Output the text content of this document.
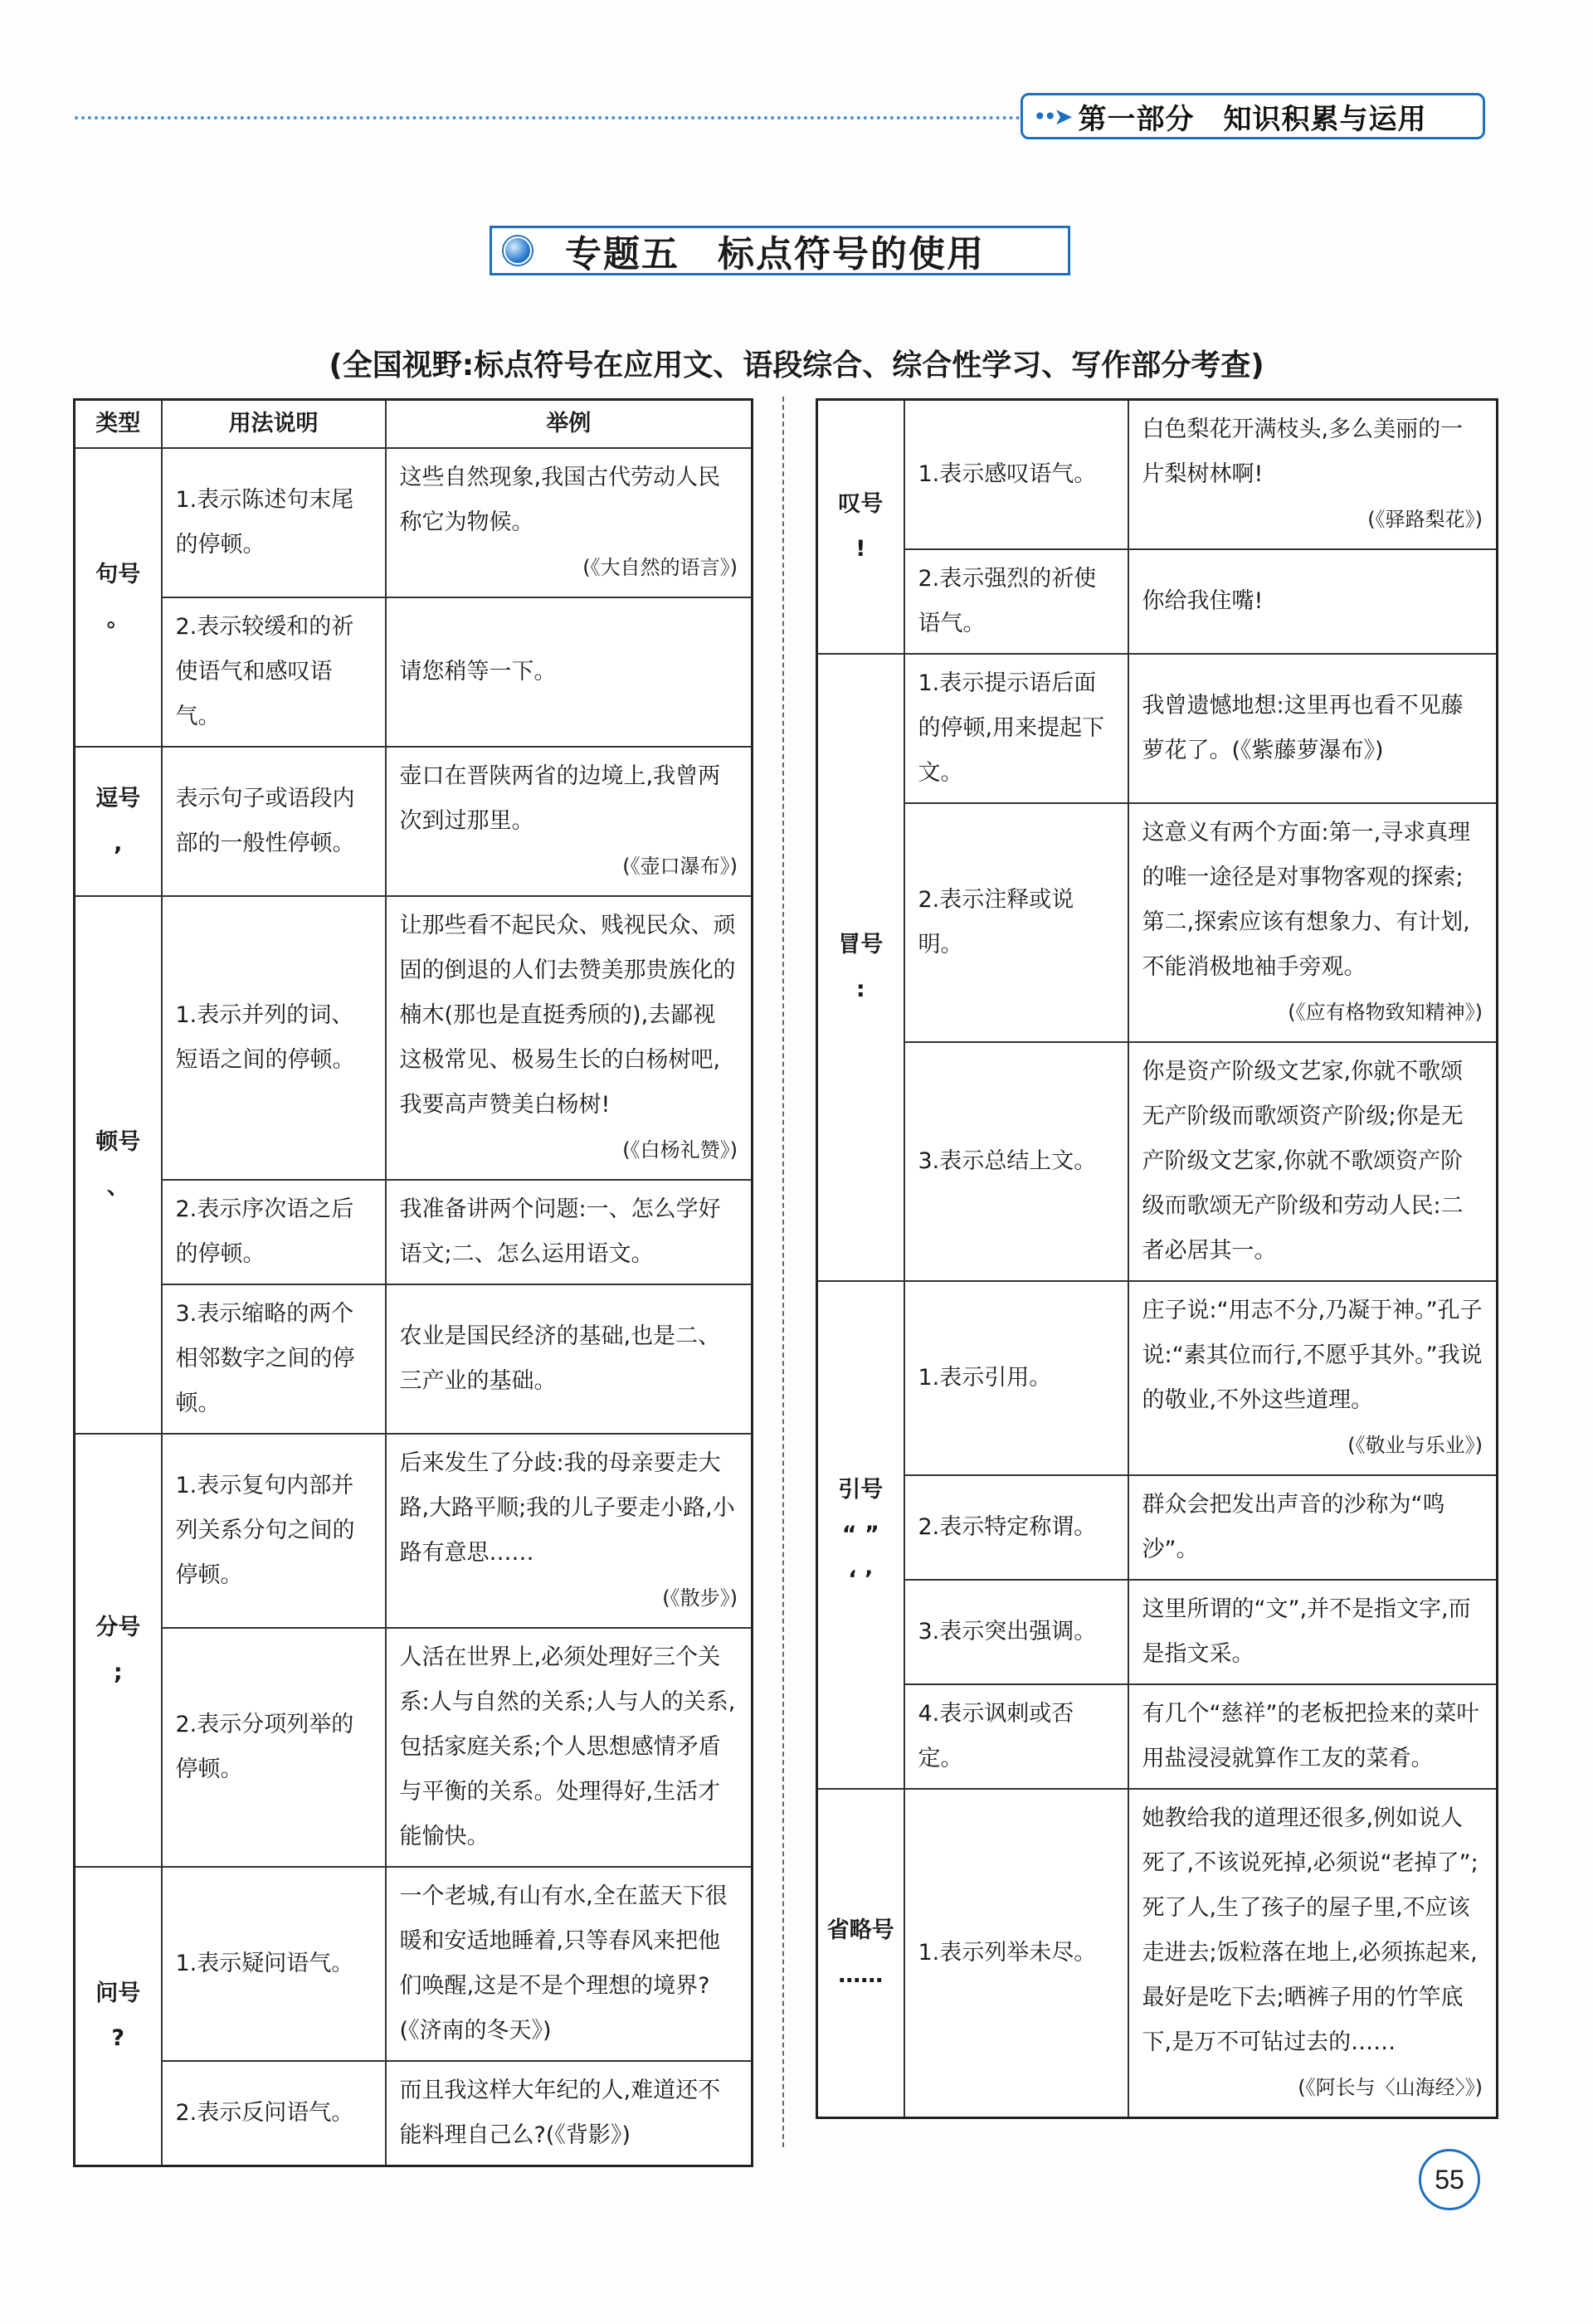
••➤ 第一部分　知识积累与运用
专题五　标点符号的使用
(全国视野:标点符号在应用文、语段综合、综合性学习、写作部分考查)
类型	用法说明	举例
句号
。	1.表示陈述句末尾的停顿。	这些自然现象,我国古代劳动人民称它为物候。
(《大自然的语言》)

	2.表示较缓和的祈使语气和感叹语气。	请您稍等一下。
逗号
,	表示句子或语段内部的一般性停顿。	壶口在晋陕两省的边境上,我曾两次到过那里。
(《壶口瀑布》)

顿号
、	1.表示并列的词、短语之间的停顿。	让那些看不起民众、贱视民众、顽固的倒退的人们去赞美那贵族化的楠木(那也是直挺秀颀的),去鄙视这极常见、极易生长的白杨树吧,我要高声赞美白杨树!
(《白杨礼赞》)

	2.表示序次语之后的停顿。	我准备讲两个问题:一、怎么学好语文;二、怎么运用语文。
	3.表示缩略的两个相邻数字之间的停顿。	农业是国民经济的基础,也是二、三产业的基础。
分号
;	1.表示复句内部并列关系分句之间的停顿。	后来发生了分歧:我的母亲要走大路,大路平顺;我的儿子要走小路,小路有意思……
(《散步》)

	2.表示分项列举的停顿。	人活在世界上,必须处理好三个关系:人与自然的关系;人与人的关系,包括家庭关系;个人思想感情矛盾与平衡的关系。处理得好,生活才能愉快。
问号
?	1.表示疑问语气。	一个老城,有山有水,全在蓝天下很暖和安适地睡着,只等春风来把他们唤醒,这是不是个理想的境界?(《济南的冬天》)
	2.表示反问语气。	而且我这样大年纪的人,难道还不能料理自己么?(《背影》)
叹号
!	1.表示感叹语气。	白色梨花开满枝头,多么美丽的一片梨树林啊!
(《驿路梨花》)

	2.表示强烈的祈使语气。	你给我住嘴!
冒号
:	1.表示提示语后面的停顿,用来提起下文。	我曾遗憾地想:这里再也看不见藤萝花了。(《紫藤萝瀑布》)
	2.表示注释或说明。	这意义有两个方面:第一,寻求真理的唯一途径是对事物客观的探索;第二,探索应该有想象力、有计划,不能消极地袖手旁观。
(《应有格物致知精神》)

	3.表示总结上文。	你是资产阶级文艺家,你就不歌颂无产阶级而歌颂资产阶级;你是无产阶级文艺家,你就不歌颂资产阶级而歌颂无产阶级和劳动人民:二者必居其一。
引号
“ ”
‘ ’	1.表示引用。	庄子说:“用志不分,乃凝于神。”孔子说:“素其位而行,不愿乎其外。”我说的敬业,不外这些道理。
(《敬业与乐业》)

	2.表示特定称谓。	群众会把发出声音的沙称为“鸣沙”。
	3.表示突出强调。	这里所谓的“文”,并不是指文字,而是指文采。
	4.表示讽刺或否定。	有几个“慈祥”的老板把捡来的菜叶用盐浸浸就算作工友的菜肴。
省略号
……	1.表示列举未尽。	她教给我的道理还很多,例如说人死了,不该说死掉,必须说“老掉了”;死了人,生了孩子的屋子里,不应该走进去;饭粒落在地上,必须拣起来,最好是吃下去;晒裤子用的竹竿底下,是万不可钻过去的……
(《阿长与〈山海经〉》)
55
